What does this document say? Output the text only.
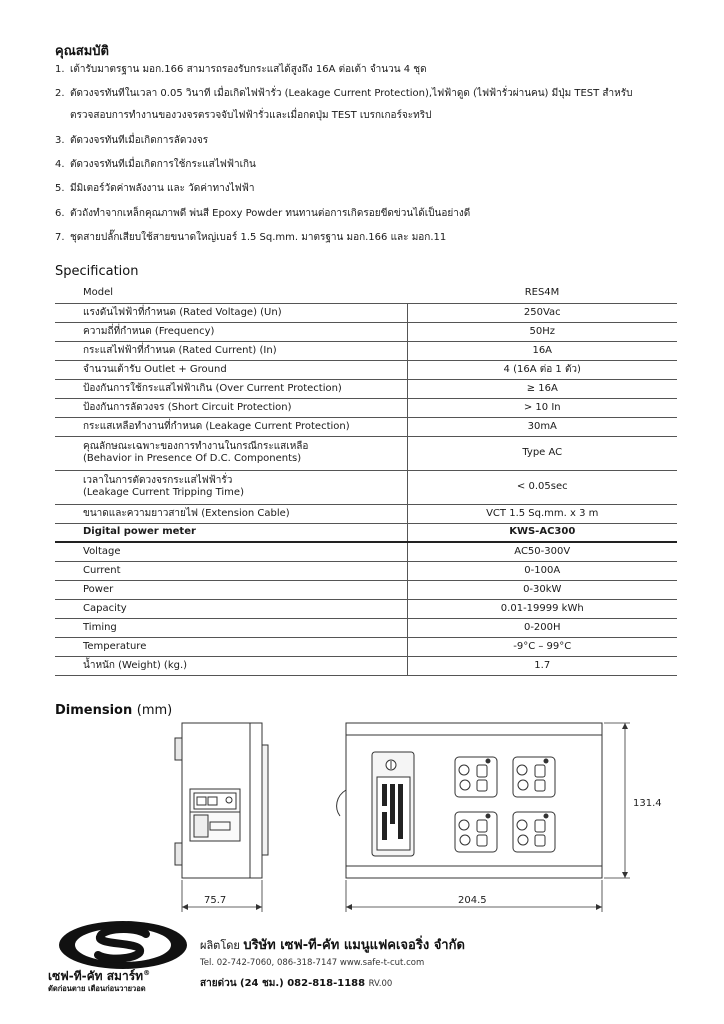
คุณสมบัติ
1. เต้ารับมาตรฐาน มอก.166 สามารถรองรับกระแสได้สูงถึง 16A ต่อเต้า จำนวน 4 ชุด
2. ตัดวงจรทันทีในเวลา 0.05 วินาที เมื่อเกิดไฟฟ้ารั่ว (Leakage Current Protection),ไฟฟ้าดูด (ไฟฟ้ารั่วผ่านคน) มีปุ่ม TEST สำหรับ
ตรวจสอบการทำงานของวงจรตรวจจับไฟฟ้ารั่วและเมื่อกดปุ่ม TEST เบรกเกอร์จะทริป
3. ตัดวงจรทันทีเมื่อเกิดการลัดวงจร
4. ตัดวงจรทันทีเมื่อเกิดการใช้กระแสไฟฟ้าเกิน
5. มีมิเตอร์วัดค่าพลังงาน และ วัดค่าทางไฟฟ้า
6. ตัวถังทำจากเหล็กคุณภาพดี พ่นสี Epoxy Powder ทนทานต่อการเกิดรอยขีดข่วนได้เป็นอย่างดี
7. ชุดสายปลั๊กเสียบใช้สายขนาดใหญ่เบอร์ 1.5 Sq.mm. มาตรฐาน มอก.166 และ มอก.11
Specification
Model	RES4M
แรงดันไฟฟ้าที่กำหนด (Rated Voltage) (Un)	250Vac
ความถี่ที่กำหนด (Frequency)	50Hz
กระแสไฟฟ้าที่กำหนด (Rated Current) (In)	16A
จำนวนเต้ารับ Outlet + Ground	4 (16A ต่อ 1 ตัว)
ป้องกันการใช้กระแสไฟฟ้าเกิน (Over Current Protection)	≥ 16A
ป้องกันการลัดวงจร (Short Circuit Protection)	> 10 In
กระแสเหลือทำงานที่กำหนด (Leakage Current Protection)	30mA
คุณลักษณะเฉพาะของการทำงานในกรณีกระแสเหลือ
(Behavior in Presence Of D.C. Components)	Type AC
เวลาในการตัดวงจรกระแสไฟฟ้ารั่ว
(Leakage Current Tripping Time)	< 0.05sec
ขนาดและความยาวสายไฟ (Extension Cable)	VCT 1.5 Sq.mm. x 3 m
Digital power meter	KWS-AC300
Voltage	AC50-300V
Current	0-100A
Power	0-30kW
Capacity	0.01-19999 kWh
Timing	0-200H
Temperature	-9°C – 99°C
น้ำหนัก (Weight) (kg.)	1.7
Dimension (mm)
75.7	204.5
131.4
เซฟ-ที-คัท สมาร์ท®
ตัดก่อนตาย เตือนก่อนวายวอด
ผลิตโดย บริษัท เซฟ-ที-คัท แมนูแฟคเจอริ่ง จำกัด
Tel. 02-742-7060, 086-318-7147 www.safe-t-cut.com
สายด่วน (24 ชม.) 082-818-1188 RV.00
